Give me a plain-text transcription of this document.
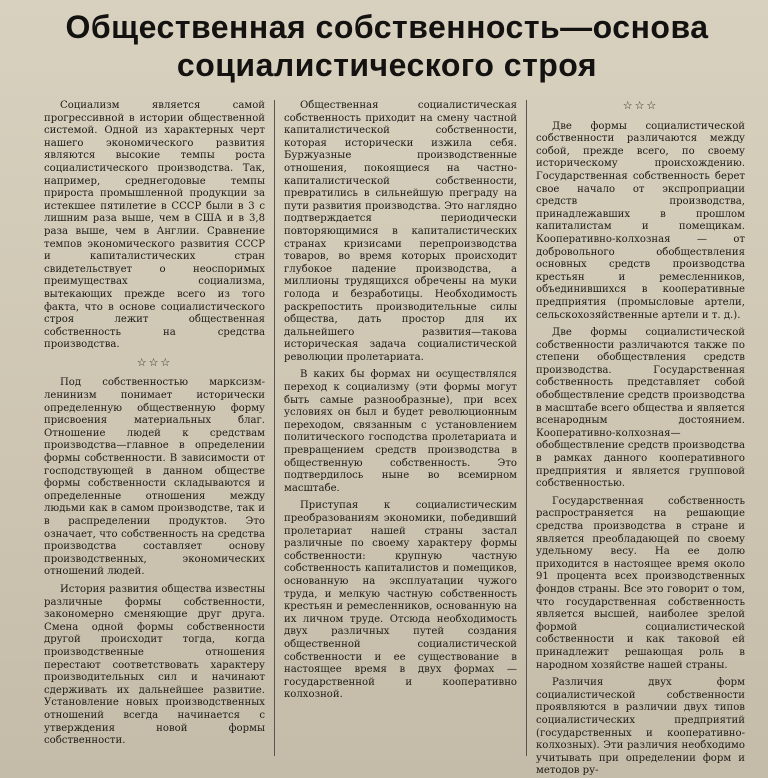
Общественная собственность—основа
социалистического строя

Социализм является самой прогрессивной в истории общественной системой. Одной из характерных черт нашего экономического развития являются высокие темпы роста социалистического производства. Так, например, среднегодовые темпы прироста промышленной продукции за истекшее пятилетие в СССР были в 3 с лишним раза выше, чем в США и в 3,8 раза выше, чем в Англии. Сравнение темпов экономического развития СССР и капиталистических стран свидетельствует о неоспоримых преимуществах социализма, вытекающих прежде всего из того факта, что в основе социалистического строя лежит общественная собственность на средства производства.

☆☆☆

Под собственностью марксизм-ленинизм понимает исторически определенную общественную форму присвоения материальных благ. Отношение людей к средствам производства—главное в определении формы собственности. В зависимости от господствующей в данном обществе формы собственности складываются и определенные отношения между людьми как в самом производстве, так и в распределении продуктов. Это означает, что собственность на средства производства составляет основу производственных, экономических отношений людей.

История развития общества известны различные формы собственности, закономерно сменяющие друг друга. Смена одной формы собственности другой происходит тогда, когда производственные отношения перестают соответствовать характеру производительных сил и начинают сдерживать их дальнейшее развитие. Установление новых производственных отношений всегда начинается с утверждения новой формы собственности.

Общественная социалистическая собственность приходит на смену частной капиталистической собственности, которая исторически изжила себя. Буржуазные производственные отношения, покоящиеся на частно-капиталистической собственности, превратились в сильнейшую преграду на пути развития производства. Это наглядно подтверждается периодически повторяющимися в капиталистических странах кризисами перепроизводства товаров, во время которых происходит глубокое падение производства, а миллионы трудящихся обречены на муки голода и безработицы. Необходимость раскрепостить производительные силы общества, дать простор для их дальнейшего развития—такова историческая задача социалистической революции пролетариата.

В каких бы формах ни осуществлялся переход к социализму (эти формы могут быть самые разнообразные), при всех условиях он был и будет революционным переходом, связанным с установлением политического господства пролетариата и превращением средств производства в общественную собственность. Это подтвердилось ныне во всемирном масштабе.

Приступая к социалистическим преобразованиям экономики, победивший пролетариат нашей страны застал различные по своему характеру формы собственности: крупную частную собственность капиталистов и помещиков, основанную на эксплуатации чужого труда, и мелкую частную собственность крестьян и ремесленников, основанную на их личном труде. Отсюда необходимость двух различных путей создания общественной социалистической собственности и ее существование в настоящее время в двух формах — государственной и кооперативно колхозной.

☆☆☆

Две формы социалистической собственности различаются между собой, прежде всего, по своему историческому происхождению. Государственная собственность берет свое начало от экспроприации средств производства, принадлежавших в прошлом капиталистам и помещикам. Кооперативно-колхозная — от добровольного обобществления основных средств производства крестьян и ремесленников, объединившихся в кооперативные предприятия (промысловые артели, сельскохозяйственные артели и т. д.).

Две формы социалистической собственности различаются также по степени обобществления средств производства. Государственная собственность представляет собой обобществление средств производства в масштабе всего общества и является всенародным достоянием. Кооперативно-колхозная—обобществление средств производства в рамках данного кооперативного предприятия и является групповой собственностью.

Государственная собственность распространяется на решающие средства производства в стране и является преобладающей по своему удельному весу. На ее долю приходится в настоящее время около 91 процента всех производственных фондов страны. Все это говорит о том, что государственная собственность является высшей, наиболее зрелой формой социалистической собственности и как таковой ей принадлежит решающая роль в народном хозяйстве нашей страны.

Различия двух форм социалистической собственности проявляются в различии двух типов социалистических предприятий (государственных и кооперативно-колхозных). Эти различия необходимо учитывать при определении форм и методов ру-
